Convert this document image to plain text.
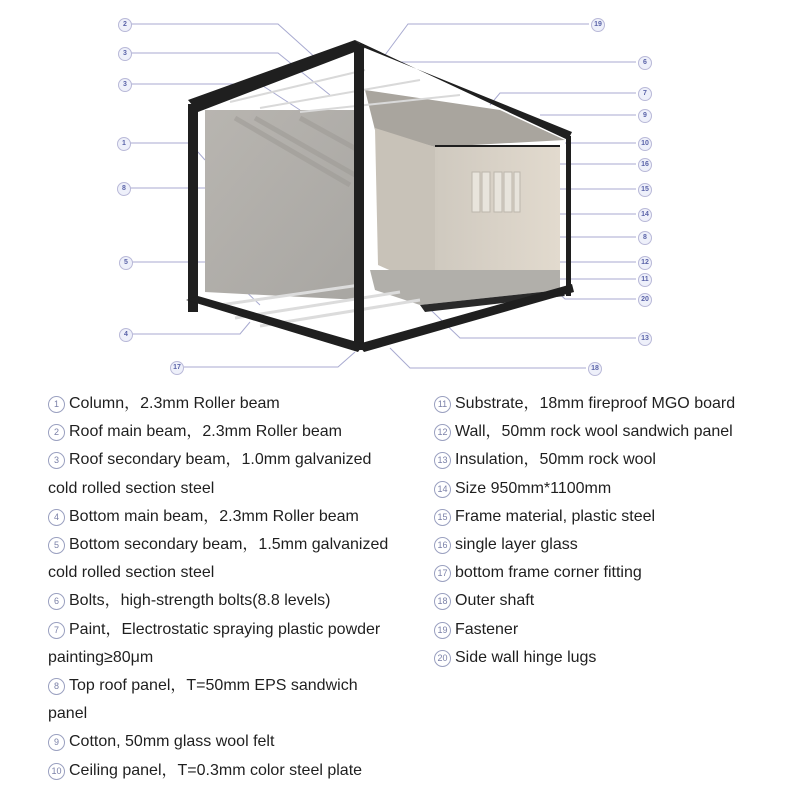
2
3
3
1
8
5
4
17
19
6
7
9
10
16
15
14
8
12
11
20
13
18
1 Column，2.3mm Roller beam
2 Roof main beam，2.3mm Roller beam
3 Roof secondary beam，1.0mm galvanized
cold rolled section steel
4 Bottom main beam，2.3mm Roller beam
5 Bottom secondary beam，1.5mm galvanized
cold rolled section steel
6 Bolts，high-strength bolts(8.8 levels)
7 Paint，Electrostatic spraying plastic powder
painting≥80μm
8 Top roof panel，T=50mm EPS sandwich
panel
9 Cotton, 50mm glass wool felt
10 Ceiling panel，T=0.3mm color steel plate
11 Substrate，18mm fireproof MGO board
12 Wall，50mm rock wool sandwich panel
13 Insulation，50mm rock wool
14 Size 950mm*1100mm
15 Frame material, plastic steel
16 single layer glass
17 bottom frame corner fitting
18 Outer shaft
19 Fastener
20 Side wall hinge lugs
